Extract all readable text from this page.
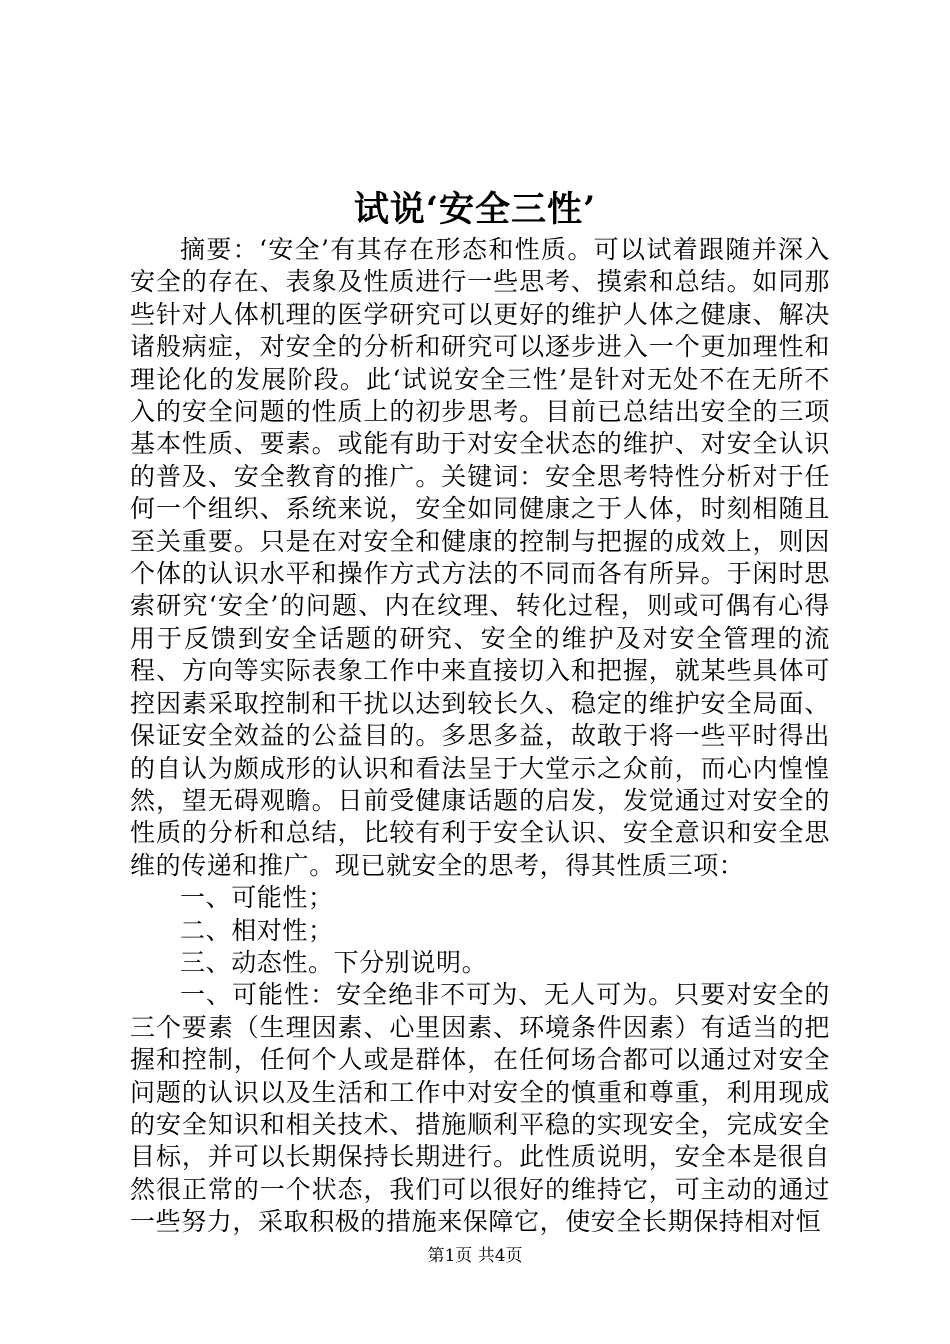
试说‘安全三性’

摘要：‘安全’有其存在形态和性质。可以试着跟随并深入安全的存在、表象及性质进行一些思考、摸索和总结。如同那些针对人体机理的医学研究可以更好的维护人体之健康、解决诸般病症，对安全的分析和研究可以逐步进入一个更加理性和理论化的发展阶段。此‘试说安全三性’是针对无处不在无所不入的安全问题的性质上的初步思考。目前已总结出安全的三项基本性质、要素。或能有助于对安全状态的维护、对安全认识的普及、安全教育的推广。关键词：安全思考特性分析对于任何一个组织、系统来说，安全如同健康之于人体，时刻相随且至关重要。只是在对安全和健康的控制与把握的成效上，则因个体的认识水平和操作方式方法的不同而各有所异。于闲时思索研究‘安全’的问题、内在纹理、转化过程，则或可偶有心得用于反馈到安全话题的研究、安全的维护及对安全管理的流程、方向等实际表象工作中来直接切入和把握，就某些具体可控因素采取控制和干扰以达到较长久、稳定的维护安全局面、保证安全效益的公益目的。多思多益，故敢于将一些平时得出的自认为颇成形的认识和看法呈于大堂示之众前，而心内惶惶然，望无碍观瞻。日前受健康话题的启发，发觉通过对安全的性质的分析和总结，比较有利于安全认识、安全意识和安全思维的传递和推广。现已就安全的思考，得其性质三项：

一、可能性；

二、相对性；

三、动态性。下分别说明。

一、可能性：安全绝非不可为、无人可为。只要对安全的三个要素（生理因素、心里因素、环境条件因素）有适当的把握和控制，任何个人或是群体，在任何场合都可以通过对安全问题的认识以及生活和工作中对安全的慎重和尊重，利用现成的安全知识和相关技术、措施顺利平稳的实现安全，完成安全目标，并可以长期保持长期进行。此性质说明，安全本是很自然很正常的一个状态，我们可以很好的维持它，可主动的通过一些努力，采取积极的措施来保障它，使安全长期保持相对恒

第1页 共4页
